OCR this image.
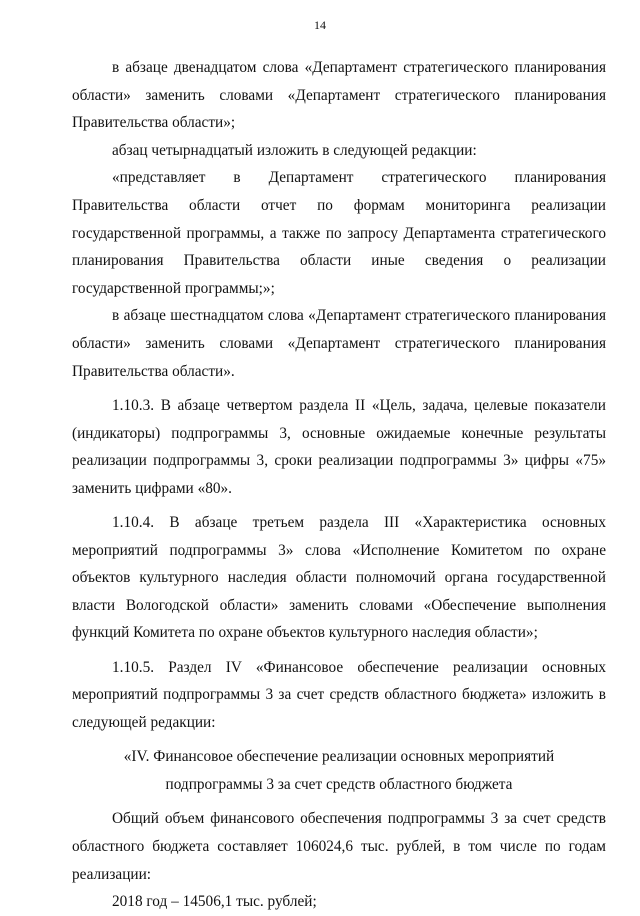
14

в абзаце двенадцатом слова «Департамент стратегического планирования области» заменить словами «Департамент стратегического планирования Правительства области»;

абзац четырнадцатый изложить в следующей редакции:

«представляет в Департамент стратегического планирования Правительства области отчет по формам мониторинга реализации государственной программы, а также по запросу Департамента стратегического планирования Правительства области иные сведения о реализации государственной программы;»;

в абзаце шестнадцатом слова «Департамент стратегического планирования области» заменить словами «Департамент стратегического планирования Правительства области».

1.10.3. В абзаце четвертом раздела II «Цель, задача, целевые показатели (индикаторы) подпрограммы 3, основные ожидаемые конечные результаты реализации подпрограммы 3, сроки реализации подпрограммы 3» цифры «75» заменить цифрами «80».

1.10.4. В абзаце третьем раздела III «Характеристика основных мероприятий подпрограммы 3» слова «Исполнение Комитетом по охране объектов культурного наследия области полномочий органа государственной власти Вологодской области» заменить словами «Обеспечение выполнения функций Комитета по охране объектов культурного наследия области»;

1.10.5. Раздел IV «Финансовое обеспечение реализации основных мероприятий подпрограммы 3 за счет средств областного бюджета» изложить в следующей редакции:

«IV. Финансовое обеспечение реализации основных мероприятий
подпрограммы 3 за счет средств областного бюджета

Общий объем финансового обеспечения подпрограммы 3 за счет средств областного бюджета составляет 106024,6 тыс. рублей, в том числе по годам реализации:

2018 год – 14506,1 тыс. рублей;
